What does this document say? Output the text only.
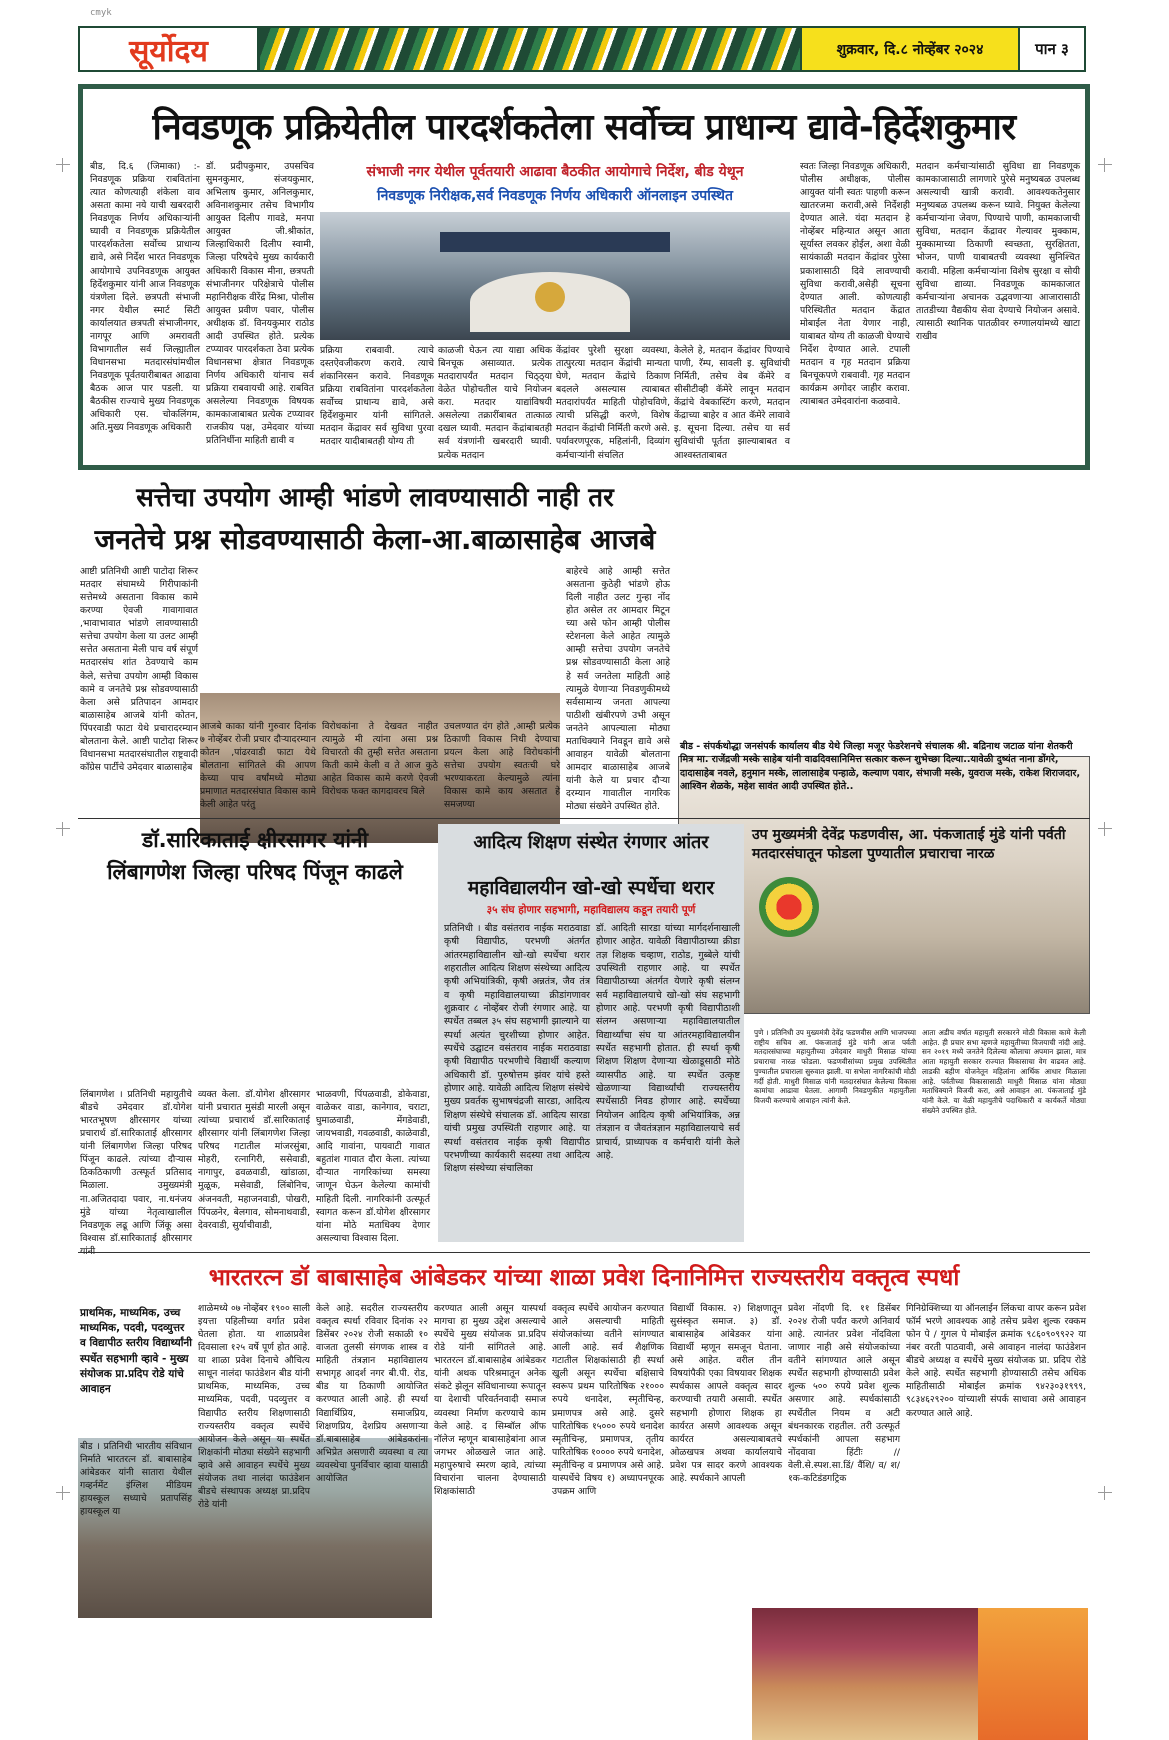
cmyk
सूर्योदय	शुक्रवार, दि.८ नोव्हेंबर २०२४	पान ३
निवडणूक प्रक्रियेतील पारदर्शकतेला सर्वोच्च प्राधान्य द्यावे-हिर्देशकुमार
बीड, दि.६ (जिमाका) :- निवडणूक प्रक्रिया राबवितांना त्यात कोणत्याही शंकेला वाव असता कामा नये याची खबरदारी निवडणूक निर्णय अधिकाऱ्यांनी घ्यावी व निवडणूक प्रक्रियेतील पारदर्शकतेला सर्वोच्च प्राधान्य द्यावे, असे निर्देश भारत निवडणूक आयोगाचे उपनिवडणूक आयुक्त हिर्देशकुमार यांनी आज निवडणूक यंत्रणेला दिले. छत्रपती संभाजी नगर येथील स्मार्ट सिटी कार्यालयात छत्रपती संभाजीनगर, नागपूर आणि अमरावती विभागातील सर्व जिल्ह्यातील विधानसभा मतदारसंघांमधील निवडणूक पूर्वतयारीबाबत आढावा बैठक आज पार पडली. या बैठकीस राज्याचे मुख्य निवडणूक अधिकारी एस. चोकलिंगम, अति.मुख्य निवडणूक अधिकारी
डॉ. प्रदीपकुमार, उपसचिव सुमनकुमार, संजयकुमार, अभिलाष कुमार, अनिलकुमार, अविनाशकुमार तसेच विभागीय आयुक्त दिलीप गावडे, मनपा आयुक्त जी.श्रीकांत, जिल्हाधिकारी दिलीप स्वामी, जिल्हा परिषदेचे मुख्य कार्यकारी अधिकारी विकास मीना, छत्रपती संभाजीनगर परिक्षेत्राचे पोलीस महानिरीक्षक वीरेंद्र मिश्रा, पोलीस आयुक्त प्रवीण पवार, पोलीस अधीक्षक डॉ. विनयकुमार राठोड आदी उपस्थित होते. प्रत्येक टप्प्यावर पारदर्शकता ठेवा प्रत्येक विधानसभा क्षेत्रात निवडणूक निर्णय अधिकारी यांनाच सर्व प्रक्रिया राबवायची आहे. राबवित असलेल्या निवडणूक विषयक कामकाजाबाबत प्रत्येक टप्प्यावर राजकीय पक्ष, उमेदवार यांच्या प्रतिनिधींना माहिती द्यावी व
संभाजी नगर येथील पूर्वतयारी आढावा बैठकीत आयोगाचे निर्देश, बीड येथून
निवडणूक निरीक्षक,सर्व निवडणूक निर्णय अधिकारी ऑनलाइन उपस्थित
प्रक्रिया राबवावी. त्याचे दस्तऐवजीकरण करावे. त्याचे शंकानिरसन करावे. निवडणूक प्रक्रिया राबवितांना पारदर्शकतेला सर्वोच्च प्राधान्य द्यावे, असे हिर्देशकुमार यांनी सांगितले. मतदान केंद्रावर सर्व सुविधा पुरवा मतदार यादीबाबतही योग्य ती
काळजी घेऊन त्या याद्या अधिक बिनचूक असाव्यात. प्रत्येक मतदारापर्यंत मतदान चिठ्ठ्या वेळेत पोहोचतील याचे नियोजन करा. मतदार याद्यांविषयी असलेल्या तक्रारींबाबत तात्काळ दखल घ्यावी. मतदान केंद्रांबाबतही सर्व यंत्रणांनी खबरदारी घ्यावी. प्रत्येक मतदान
केंद्रांवर पुरेशी सुरक्षा व्यवस्था, तात्पुरत्या मतदान केंद्रांची मान्यता घेणे, मतदान केंद्रांचे ठिकाण बदलले असल्यास त्याबाबत मतदारांपर्यंत माहिती पोहोचविणे, त्याची प्रसिद्धी करणे, विशेष मतदान केंद्रांची निर्मिती करणे असे. पर्यावरणपूरक, महिलांनी, दिव्यांग कर्मचाऱ्यांनी संचलित
केलेले हे, मतदान केंद्रांवर पिण्याचे पाणी, रॅम्प, सावली इ. सुविधांची निर्मिती, तसेच वेब कॅमेरे व सीसीटीव्ही कॅमेरे लावून मतदान केंद्रांचे वेबकास्टिंग करणे, मतदान केंद्राच्या बाहेर व आत कॅमेरे लावावे इ. सूचना दिल्या. तसेच या सर्व सुविधांची पूर्तता झाल्याबाबत व आश्वस्तताबाबत
स्वतः जिल्हा निवडणूक अधिकारी, पोलीस अधीक्षक, पोलीस आयुक्त यांनी स्वतः पाहणी करून खातरजमा करावी,असे निर्देशही देण्यात आले. यंदा मतदान हे नोव्हेंबर महिन्यात असून आता सूर्यास्त लवकर होईल, अशा वेळी सायंकाळी मतदान केंद्रांवर पुरेसा प्रकाशासाठी दिवे लावण्याची सुविधा करावी,असेही सूचना देण्यात आली. कोणत्याही परिस्थितीत मतदान केंद्रात मोबाईल नेता येणार नाही, याबाबत योग्य ती काळजी घेण्याचे निर्देश देण्यात आले. टपाली मतदान व गृह मतदान प्रक्रिया बिनचूकपणे राबवावी. गृह मतदान कार्यक्रम अगोदर जाहीर करावा. त्याबाबत उमेदवारांना कळवावे.
मतदान कर्मचाऱ्यांसाठी सुविधा द्या निवडणूक कामकाजासाठी लागणारे पुरेसे मनुष्यबळ उपलब्ध असल्याची खात्री करावी. आवश्यकतेनुसार मनुष्यबळ उपलब्ध करून घ्यावे. नियुक्त केलेल्या कर्मचाऱ्यांना जेवण, पिण्याचे पाणी, कामकाजाची सुविधा, मतदान केंद्रावर गेल्यावर मुक्काम, मुक्कामाच्या ठिकाणी स्वच्छता, सुरक्षितता, भोजन, पाणी याबाबतची व्यवस्था सुनिश्चित करावी. महिला कर्मचाऱ्यांना विशेष सुरक्षा व सोयी सुविधा द्याव्या. निवडणूक कामकाजात कर्मचाऱ्यांना अचानक उद्भवणाऱ्या आजारासाठी तातडीच्या वैद्यकीय सेवा देण्याचे नियोजन असावे. त्यासाठी स्थानिक पातळीवर रुग्णालयांमध्ये खाटा राखीव
सत्तेचा उपयोग आम्ही भांडणे लावण्यासाठी नाही तर
जनतेचे प्रश्न सोडवण्यासाठी केला-आ.बाळासाहेब आजबे
आष्टी प्रतिनिधी आष्टी पाटोदा शिरूर मतदार संघामध्ये गिरीपाकांनी सत्तेमध्ये असताना विकास कामे करण्या ऐवजी गावागावात ,भावाभावात भांडणे लावण्यासाठी सत्तेचा उपयोग केला या उलट आम्ही सत्तेत असताना मेली पाच वर्ष संपूर्ण मतदारसंघ शांत ठेवण्याचे काम केले, सत्तेचा उपयोग आम्ही विकास कामे व जनतेचे प्रश्न सोडवण्यासाठी केला असे प्रतिपादन आमदार बाळासाहेब आजबे यांनी कोतन, पिंपरवाडी फाटा येथे प्रचारादरम्यान बोलताना केले. आष्टी पाटोदा शिरूर विधानसभा मतदारसंघातील राष्ट्रवादी काँग्रेस पार्टीचे उमेदवार बाळासाहेब
आजबे काका यांनी गुरुवार दिनांक ७ नोव्हेंबर रोजी प्रचार दौऱ्यादरम्यान कोतन ,पांढरवाडी फाटा येथे बोलताना सांगितले की आपण केच्या पाच वर्षांमध्ये मोठ्या प्रमाणात मतदारसंघात विकास कामे केली आहेत परंतु
विरोधकांना ते देखवत नाहीत त्यामुळे मी त्यांना असा प्रश्न विचारतो की तुम्ही सत्तेत असताना किती कामे केली व ते आज कुठे आहेत विकास कामे करणे ऐवजी विरोधक फक्त कागदावरच बिले
उचलण्यात दंग होते ,आम्ही प्रत्येक ठिकाणी विकास निधी देण्याचा प्रयत्न केला आहे विरोधकांनी सत्तेचा उपयोग स्वतःची घरे भरण्याकरता केल्यामुळे त्यांना विकास कामे काय असतात हे समजण्या
बाहेरचे आहे आम्ही सत्तेत असताना कुठेही भांडणे होऊ दिली नाहीत उलट गुन्हा नोंद होत असेल तर आमदार मिटून च्या असे फोन आम्ही पोलीस स्टेशनला केले आहेत त्यामुळे आम्ही सत्तेचा उपयोग जनतेचे प्रश्न सोडवण्यासाठी केला आहे हे सर्व जनतेला माहिती आहे त्यामुळे येणाऱ्या निवडणुकीमध्ये सर्वसामान्य जनता आपल्या पाठीशी खंबीरपणे उभी असून जनतेने आपल्याला मोठ्या मताधिक्याने निवडून द्यावे असे आवाहन यावेळी बोलताना आमदार बाळासाहेब आजबे यांनी केले या प्रचार दौऱ्या दरम्यान गावातील नागरिक मोठ्या संख्येने उपस्थित होते.
बीड - संपर्कथोद्धा जनसंपर्क कार्यालय बीड येथे जिल्हा मजूर फेडरेशनचे संचालक श्री. बद्रिनाथ जटाळ यांना शेतकरी मित्र मा. राजेंद्रजी मस्के साहेब यांनी वाढदिवसानिमित्त सत्कार करून शुभेच्छा दिल्या..यावेळी दुष्यंत नाना डोंगरे, दादासाहेब नवले, हनुमान मस्के, लालासाहेब पन्हाळे, कल्याण पवार, संभाजी मस्के, युवराज मस्के, राकेश शिराजदार, आश्विन शेळके, महेश सावंत आदी उपस्थित होते..
डॉ.सारिकाताई क्षीरसागर यांनी
लिंबागणेश जिल्हा परिषद पिंजून काढले
लिंबागणेश । प्रतिनिधी महायुतीचे बीडचे उमेदवार डॉ.योगेश भारतभूषण क्षीरसागर यांच्या प्रचारार्थ डॉ.सारिकाताई क्षीरसागर यांनी लिंबागणेश जिल्हा परिषद पिंजून काढले. त्यांच्या दौऱ्यास ठिकठिकाणी उत्स्फूर्त प्रतिसाद मिळाला. उमुख्यमंत्री ना.अजितदादा पवार, ना.धनंजय मुंडे यांच्या नेतृत्वाखालील निवडणूक लढू आणि जिंकू असा विश्वास डॉ.सारिकाताई क्षीरसागर
व्यक्त केला. डॉ.योगेश क्षीरसागर यांनी प्रचारात मुसंडी मारली असून त्यांच्या प्रचारार्थ डॉ.सारिकाताई क्षीरसागर यांनी लिंबागणेश जिल्हा परिषद गटातील मांजरसुंबा, मोहरी, रत्नागिरी, ससेवाडी, नागापुर, ढवळवाडी, खांडाळा, मुळूक, मसेवाडी, लिंबोनिच, अंजनवती, महाजनवाडी, पोखरी, पिंपळनेर, बेलगाव, सोमनाथवाडी, देवरवाडी, सुर्याचीवाडी,
भाळवणी, पिंपळवाडी, डोकेवाडा, वाळेकर वाडा, कानेगाव, चराटा, घुमाळवाडी, मेंगडेवाडी, जायभवाडी, गवळवाडी, काळेवाडी, आदि गावांना, पायवाटी गावात बहुतांश गावात दौरा केला. त्यांच्या दौऱ्यात नागरिकांच्या समस्या जाणून घेऊन केलेल्या कामांची माहिती दिली. नागरिकांनी उत्स्फूर्त स्वागत करून डॉ.योगेश क्षीरसागर यांना मोठे मताधिक्य देणार असल्याचा विश्वास दिला.
आदित्य शिक्षण संस्थेत रंगणार आंतर
महाविद्यालयीन खो-खो स्पर्धेचा थरार
३५ संघ होणार सहभागी, महाविद्यालय कडून तयारी पूर्ण
प्रतिनिधी । बीड वसंतराव नाईक मराठवाडा कृषी विद्यापीठ, परभणी अंतर्गत आंतरमहाविद्यालीन खो-खो स्पर्धेचा थरार शहरातील आदित्य शिक्षण संस्थेच्या आदित्य कृषी अभियांत्रिकी, कृषी अन्नतंत्र, जैव तंत्र व कृषी महाविद्यालयाच्या क्रीडांगणावर शुक्रवार ८ नोव्हेंबर रोजी रंगणार आहे. या स्पर्धेत तब्बल ३५ संघ सहभागी झाल्याने या स्पर्धा अत्यंत चुरशीच्या होणार आहेत. स्पर्धेचे उद्घाटन वसंतराव नाईक मराठवाडा कृषी विद्यापीठ परभणीचे विद्यार्थी कल्याण अधिकारी डॉ. पुरुषोत्तम झंवर यांचे हस्ते होणार आहे. यावेळी आदित्य शिक्षण संस्थेचे मुख्य प्रवर्तक सुभाषचंद्रजी सारडा, आदित्य शिक्षण संस्थेचे संचालक डॉ. आदित्य सारडा यांची प्रमुख उपस्थिती राहणार आहे. या स्पर्धा वसंतराव नाईक कृषी विद्यापीठ परभणीच्या कार्यकारी सदस्या तथा आदित्य शिक्षण संस्थेच्या संचालिका
डॉ. आदिती सारडा यांच्या मार्गदर्शनाखाली होणार आहेत. यावेळी विद्यापीठाच्या क्रीडा तज्ञ शिक्षक चव्हाण, राठोड, गुब्बेले यांची उपस्थिती राहणार आहे. या स्पर्धेत विद्यापीठाच्या अंतर्गत येणारे कृषी संलग्न सर्व महाविद्यालयाचे खो-खो संघ सहभागी होणार आहे. परभणी कृषी विद्यापीठाशी संलग्न असणाऱ्या महाविद्यालयातील विद्यार्थ्यांचा संघ या आंतरमहाविद्यालयीन स्पर्धेत सहभागी होतात. ही स्पर्धा कृषी शिक्षण शिक्षण देणाऱ्या खेळाडूसाठी मोठे व्यासपीठ आहे. या स्पर्धेत उत्कृष्ट खेळणाऱ्या विद्यार्थ्यांची राज्यस्तरीय स्पर्धेसाठी निवड होणार आहे. स्पर्धेच्या नियोजन आदित्य कृषी अभियांत्रिक, अन्न तंत्रज्ञान व जैवतंत्रज्ञान महाविद्यालयाचे सर्व प्राचार्य, प्राध्यापक व कर्मचारी यांनी केले आहे.
उप मुख्यमंत्री देवेंद्र फडणवीस, आ. पंकजाताई मुंडे यांनी पर्वती मतदारसंघातून फोडला पुण्यातील प्रचाराचा नारळ
पुणे । प्रतिनिधी उप मुख्यमंत्री देवेंद्र फडणवीस आणि भाजपच्या राष्ट्रीय सचिव आ. पंकजाताई मुंडे यांनी आज पर्वती मतदारसंघाच्या महायुतीच्या उमेदवार माधुरी मिसाळ यांच्या प्रचाराचा नारळ फोडला. फडणवीसांच्या प्रमुख उपस्थितीत पुण्यातील प्रचाराला सुरुवात झाली. या सभेला नागरिकांची मोठी गर्दी होती. माधुरी मिसाळ यांनी मतदारसंघात केलेल्या विकास कामांचा आढावा घेतला. आगामी निवडणुकीत महायुतीला विजयी करण्याचे आवाहन त्यांनी केले.
आता अडीच वर्षात महायुती सरकारने मोठी विकास कामे केली आहेत. ही प्रचार सभा म्हणजे महायुतीच्या विजयाची नांदी आहे. सन २०१९ मध्ये जनतेने दिलेल्या कौलाचा अपमान झाला, मात्र आता महायुती सरकार राज्यात विकासाचा वेग वाढवत आहे. लाडकी बहीण योजनेतून महिलांना आर्थिक आधार मिळाला आहे. पर्वतीच्या विकासासाठी माधुरी मिसाळ यांना मोठ्या मताधिक्याने विजयी करा, असे आवाहन आ. पंकजाताई मुंडे यांनी केले. या वेळी महायुतीचे पदाधिकारी व कार्यकर्ते मोठ्या संख्येने उपस्थित होते.
भारतरत्न डॉ बाबासाहेब आंबेडकर यांच्या शाळा प्रवेश दिनानिमित्त राज्यस्तरीय वक्तृत्व स्पर्धा
प्राथमिक, माध्यमिक, उच्च माध्यमिक, पदवी, पदव्युत्तर व विद्यापीठ स्तरीय विद्यार्थ्यांनी स्पर्धेत सहभागी व्हावे - मुख्य संयोजक प्रा.प्रदिप रोडे यांचे आवाहन
बीड । प्रतिनिधी भारतीय संविधान निर्माते भारतरत्न डॉ. बाबासाहेब आंबेडकर यांनी सातारा येथील गव्हर्नमेंट इंग्लिश मीडियम हायस्कूल सध्याचे प्रतापसिंह हायस्कूल या
शाळेमध्ये ०७ नोव्हेंबर १९०० साली इयत्ता पहिलीच्या वर्गात प्रवेश घेतला होता. या शाळाप्रवेश दिवसाला १२५ वर्षे पूर्ण होत आहे. या शाळा प्रवेश दिनाचे औचित्य साधून नालंदा फाउंडेशन बीड यांनी प्राथमिक, माध्यमिक, उच्च माध्यमिक, पदवी, पदव्युत्तर व विद्यापीठ स्तरीय शिक्षणासाठी राज्यस्तरीय वक्तृत्व स्पर्धेचे आयोजन केले असून या स्पर्धेत शिक्षकांनी मोठ्या संख्येने सहभागी व्हावे असे आवाहन स्पर्धेचे मुख्य संयोजक तथा नालंदा फाउंडेशन बीडचे संस्थापक अध्यक्ष प्रा.प्रदिप रोडे यांनी
केले आहे. सदरील राज्यस्तरीय वक्तृत्व स्पर्धा रविवार दिनांक २२ डिसेंबर २०२४ रोजी सकाळी १० वाजता तुलसी संगणक शास्त्र व माहिती तंत्रज्ञान महाविद्यालय सभागृह आदर्श नगर बी.पी. रोड, बीड या ठिकाणी आयोजित करण्यात आली आहे. ही स्पर्धा विद्यार्थिप्रिय, समाजप्रिय, शिक्षणप्रिय, देशप्रिय असणाऱ्या डॉ.बाबासाहेब आंबेडकरांना अभिप्रेत असणारी व्यवस्था व त्या व्यवस्थेचा पुनर्विचार व्हावा यासाठी आयोजित
करण्यात आली असून यास्पर्धा मागचा हा मुख्य उद्देश असल्याचे स्पर्धेचे मुख्य संयोजक प्रा.प्रदिप रोडे यांनी सांगितले आहे. भारतरत्न डॉ.बाबासाहेब आंबेडकर यांनी अथक परिश्रमातून अनेक संकटे झेलून संविधानाच्या रूपातून या देशाची परिवर्तनवादी समाज व्यवस्था निर्माण करण्याचे काम केले आहे. द सिम्बॉल ऑफ नॉलेज म्हणून बाबासाहेबांना आज जगभर ओळखले जात आहे. महापुरुषाचे स्मरण व्हावे, त्यांच्या विचारांना चालना देण्यासाठी शिक्षकांसाठी
वक्तृत्व स्पर्धेचे आयोजन करण्यात आले असल्याची माहिती संयोजकांच्या वतीने सांगण्यात आली आहे. सर्व शैक्षणिक गटातील शिक्षकांसाठी ही स्पर्धा खुली असून स्पर्धेचा बक्षिसाचे स्वरूप प्रथम पारितोषिक २१००० रुपये धनादेश, स्मृतीचिन्ह, प्रमाणपत्र असे आहे. दुसरे पारितोषिक १५००० रुपये धनादेश स्मृतीचिन्ह, प्रमाणपत्र, तृतीय पारितोषिक १०००० रुपये धनादेश, स्मृतीचिन्ह व प्रमाणपत्र असे आहे. यास्पर्धेचे विषय १) अध्यापनपूरक उपक्रम आणि
विद्यार्थी विकास. २) शिक्षणातून सुसंस्कृत समाज. ३) डॉ. बाबासाहेब आंबेडकर यांना विद्यार्थी म्हणून समजून घेताना. असे आहेत. वरील तीन विषयांपैकी एका विषयावर शिक्षक स्पर्धकास आपले वक्तृत्व सादर करण्याची तयारी असावी. स्पर्धेत सहभागी होणारा शिक्षक हा कार्यरत असणे आवश्यक असून कार्यरत असल्याबाबतचे ओळखपत्र अथवा कार्यालयाचे प्रवेश पत्र सादर करणे आवश्यक आहे. स्पर्धकाने आपली
प्रवेश नोंदणी दि. ११ डिसेंबर २०२४ रोजी पर्यंत करणे अनिवार्य आहे. त्यानंतर प्रवेश नोंदविला जाणार नाही असे संयोजकांच्या वतीने सांगण्यात आले असून स्पर्धेत सहभागी होण्यासाठी प्रवेश शुल्क ५०० रुपये प्रवेश शुल्क असणार आहे. स्पर्धकांसाठी स्पर्धेतील नियम व अटी बंधनकारक राहतील. तरी उत्स्फूर्त स्पर्धकांनी आपला सहभाग नोंदवावा हिंटीः // वेली.से.स्पश.सा.डिं/ वैंशि/ व/ श/१क-कटिडंडगट्रिक
गिनिग्रेक्शिच्या या ऑनलाईन लिंकचा वापर करून प्रवेश फॉर्म भरणे आवश्यक आहे तसेच प्रवेश शुल्क रक्कम फोन पे / गुगल पे मोबाईल क्रमांक ९८६०९०९९२२ या नंबर वरती पाठवावी, असे आवाहन नालंदा फाउंडेशन बीडचे अध्यक्ष व स्पर्धेचे मुख्य संयोजक प्रा. प्रदिप रोडे केले आहे. स्पर्धेत सहभागी होण्यासाठी तसेच अधिक माहितीसाठी मोबाईल क्रमांक ९४२३०३१९९९, ९८३४६२९२०० यांच्याशी संपर्क साधावा असे आवाहन करण्यात आले आहे.
